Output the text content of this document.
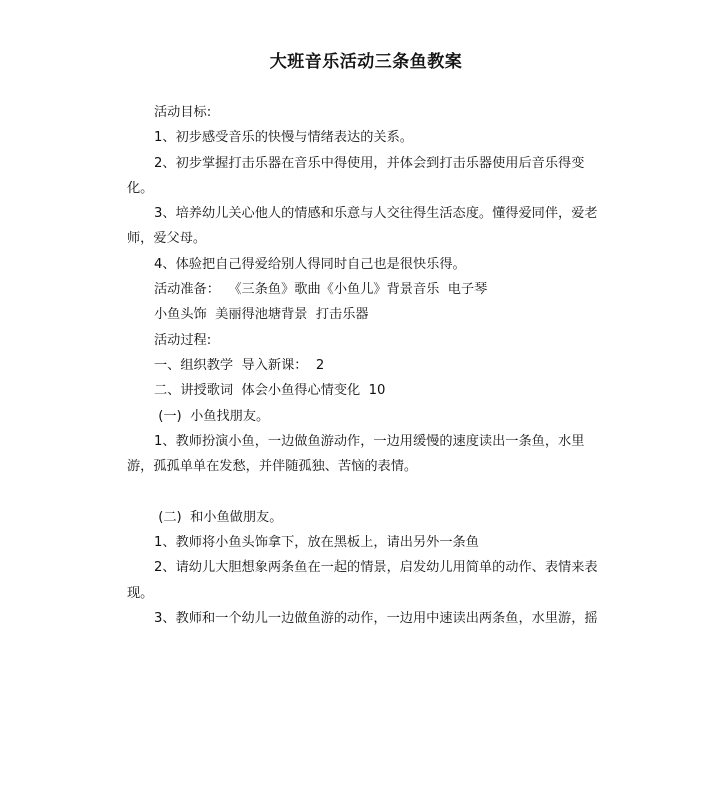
大班音乐活动三条鱼教案

活动目标:

1、初步感受音乐的快慢与情绪表达的关系。

2、初步掌握打击乐器在音乐中得使用，并体会到打击乐器使用后音乐得变化。

3、培养幼儿关心他人的情感和乐意与人交往得生活态度。懂得爱同伴，爱老师，爱父母。

4、体验把自己得爱给别人得同时自己也是很快乐得。

活动准备：  《三条鱼》歌曲《小鱼儿》背景音乐  电子琴

小鱼头饰  美丽得池塘背景  打击乐器

活动过程:

一、组织教学  导入新课：  2

二、讲授歌词  体会小鱼得心情变化  10

(一)  小鱼找朋友。

1、教师扮演小鱼，一边做鱼游动作，一边用缓慢的速度读出一条鱼，水里游，孤孤单单在发愁，并伴随孤独、苦恼的表情。

(二)  和小鱼做朋友。

1、教师将小鱼头饰拿下，放在黑板上，请出另外一条鱼

2、请幼儿大胆想象两条鱼在一起的情景，启发幼儿用简单的动作、表情来表现。

3、教师和一个幼儿一边做鱼游的动作，一边用中速读出两条鱼，水里游，摇
